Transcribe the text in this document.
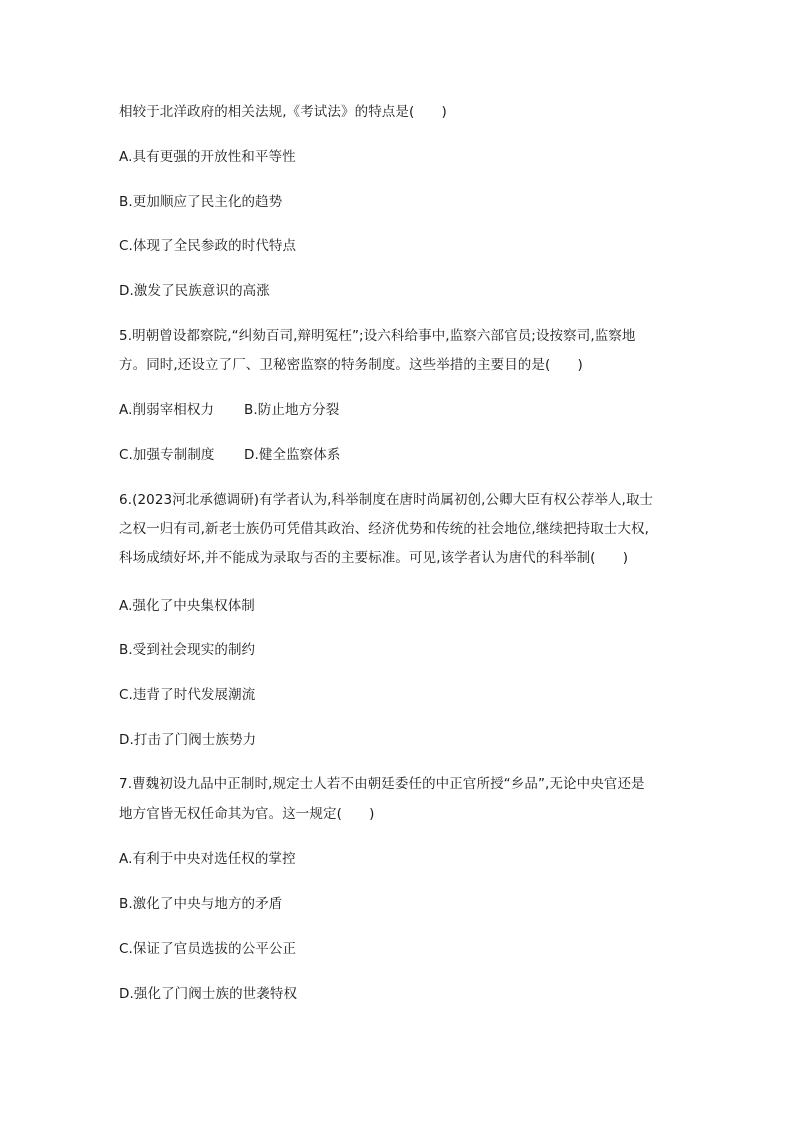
相较于北洋政府的相关法规,《考试法》的特点是(　　)
A.具有更强的开放性和平等性
B.更加顺应了民主化的趋势
C.体现了全民参政的时代特点
D.激发了民族意识的高涨
5.明朝曾设都察院,“纠劾百司,辩明冤枉”;设六科给事中,监察六部官员;设按察司,监察地
方。同时,还设立了厂、卫秘密监察的特务制度。这些举措的主要目的是(　　)
A.削弱宰相权力 B.防止地方分裂
C.加强专制制度 D.健全监察体系
6.(2023河北承德调研)有学者认为,科举制度在唐时尚属初创,公卿大臣有权公荐举人,取士
之权一归有司,新老士族仍可凭借其政治、经济优势和传统的社会地位,继续把持取士大权,
科场成绩好坏,并不能成为录取与否的主要标准。可见,该学者认为唐代的科举制(　　)
A.强化了中央集权体制
B.受到社会现实的制约
C.违背了时代发展潮流
D.打击了门阀士族势力
7.曹魏初设九品中正制时,规定士人若不由朝廷委任的中正官所授“乡品”,无论中央官还是
地方官皆无权任命其为官。这一规定(　　)
A.有利于中央对选任权的掌控
B.激化了中央与地方的矛盾
C.保证了官员选拔的公平公正
D.强化了门阀士族的世袭特权
